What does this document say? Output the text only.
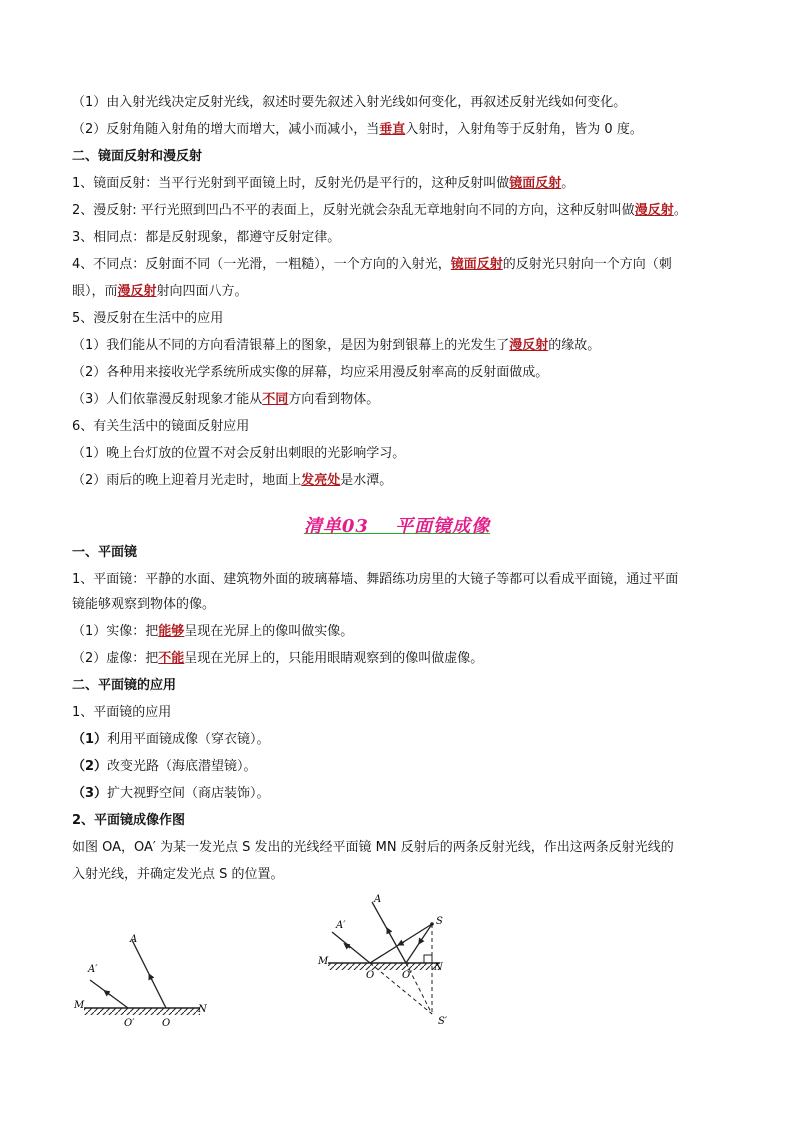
（1）由入射光线决定反射光线，叙述时要先叙述入射光线如何变化，再叙述反射光线如何变化。
（2）反射角随入射角的增大而增大，减小而减小，当垂直入射时，入射角等于反射角，皆为 0 度。
二、镜面反射和漫反射
1、镜面反射：当平行光射到平面镜上时，反射光仍是平行的，这种反射叫做镜面反射。
2、漫反射: 平行光照到凹凸不平的表面上，反射光就会杂乱无章地射向不同的方向，这种反射叫做漫反射。
3、相同点：都是反射现象，都遵守反射定律。
4、不同点：反射面不同（一光滑，一粗糙），一个方向的入射光，镜面反射的反射光只射向一个方向（刺
眼），而漫反射射向四面八方。
5、漫反射在生活中的应用
（1）我们能从不同的方向看清银幕上的图象，是因为射到银幕上的光发生了漫反射的缘故。
（2）各种用来接收光学系统所成实像的屏幕，均应采用漫反射率高的反射面做成。
（3）人们依靠漫反射现象才能从不同方向看到物体。
6、有关生活中的镜面反射应用
（1）晚上台灯放的位置不对会反射出刺眼的光影响学习。
（2）雨后的晚上迎着月光走时，地面上发亮处是水潭。
清单03　 平面镜成像
一、平面镜
1、平面镜：平静的水面、建筑物外面的玻璃幕墙、舞蹈练功房里的大镜子等都可以看成平面镜，通过平面
镜能够观察到物体的像。
（1）实像：把能够呈现在光屏上的像叫做实像。
（2）虚像：把不能呈现在光屏上的，只能用眼睛观察到的像叫做虚像。
二、平面镜的应用
1、平面镜的应用
（1）利用平面镜成像（穿衣镜）。
（2）改变光路（海底潜望镜）。
（3）扩大视野空间（商店装饰）。
2、平面镜成像作图
如图 OA，OA′ 为某一发光点 S 发出的光线经平面镜 MN 反射后的两条反射光线，作出这两条反射光线的
入射光线，并确定发光点 S 的位置。
A
A′
M
O′	O
N
A
A′	S
M
O	O′
N
S′
